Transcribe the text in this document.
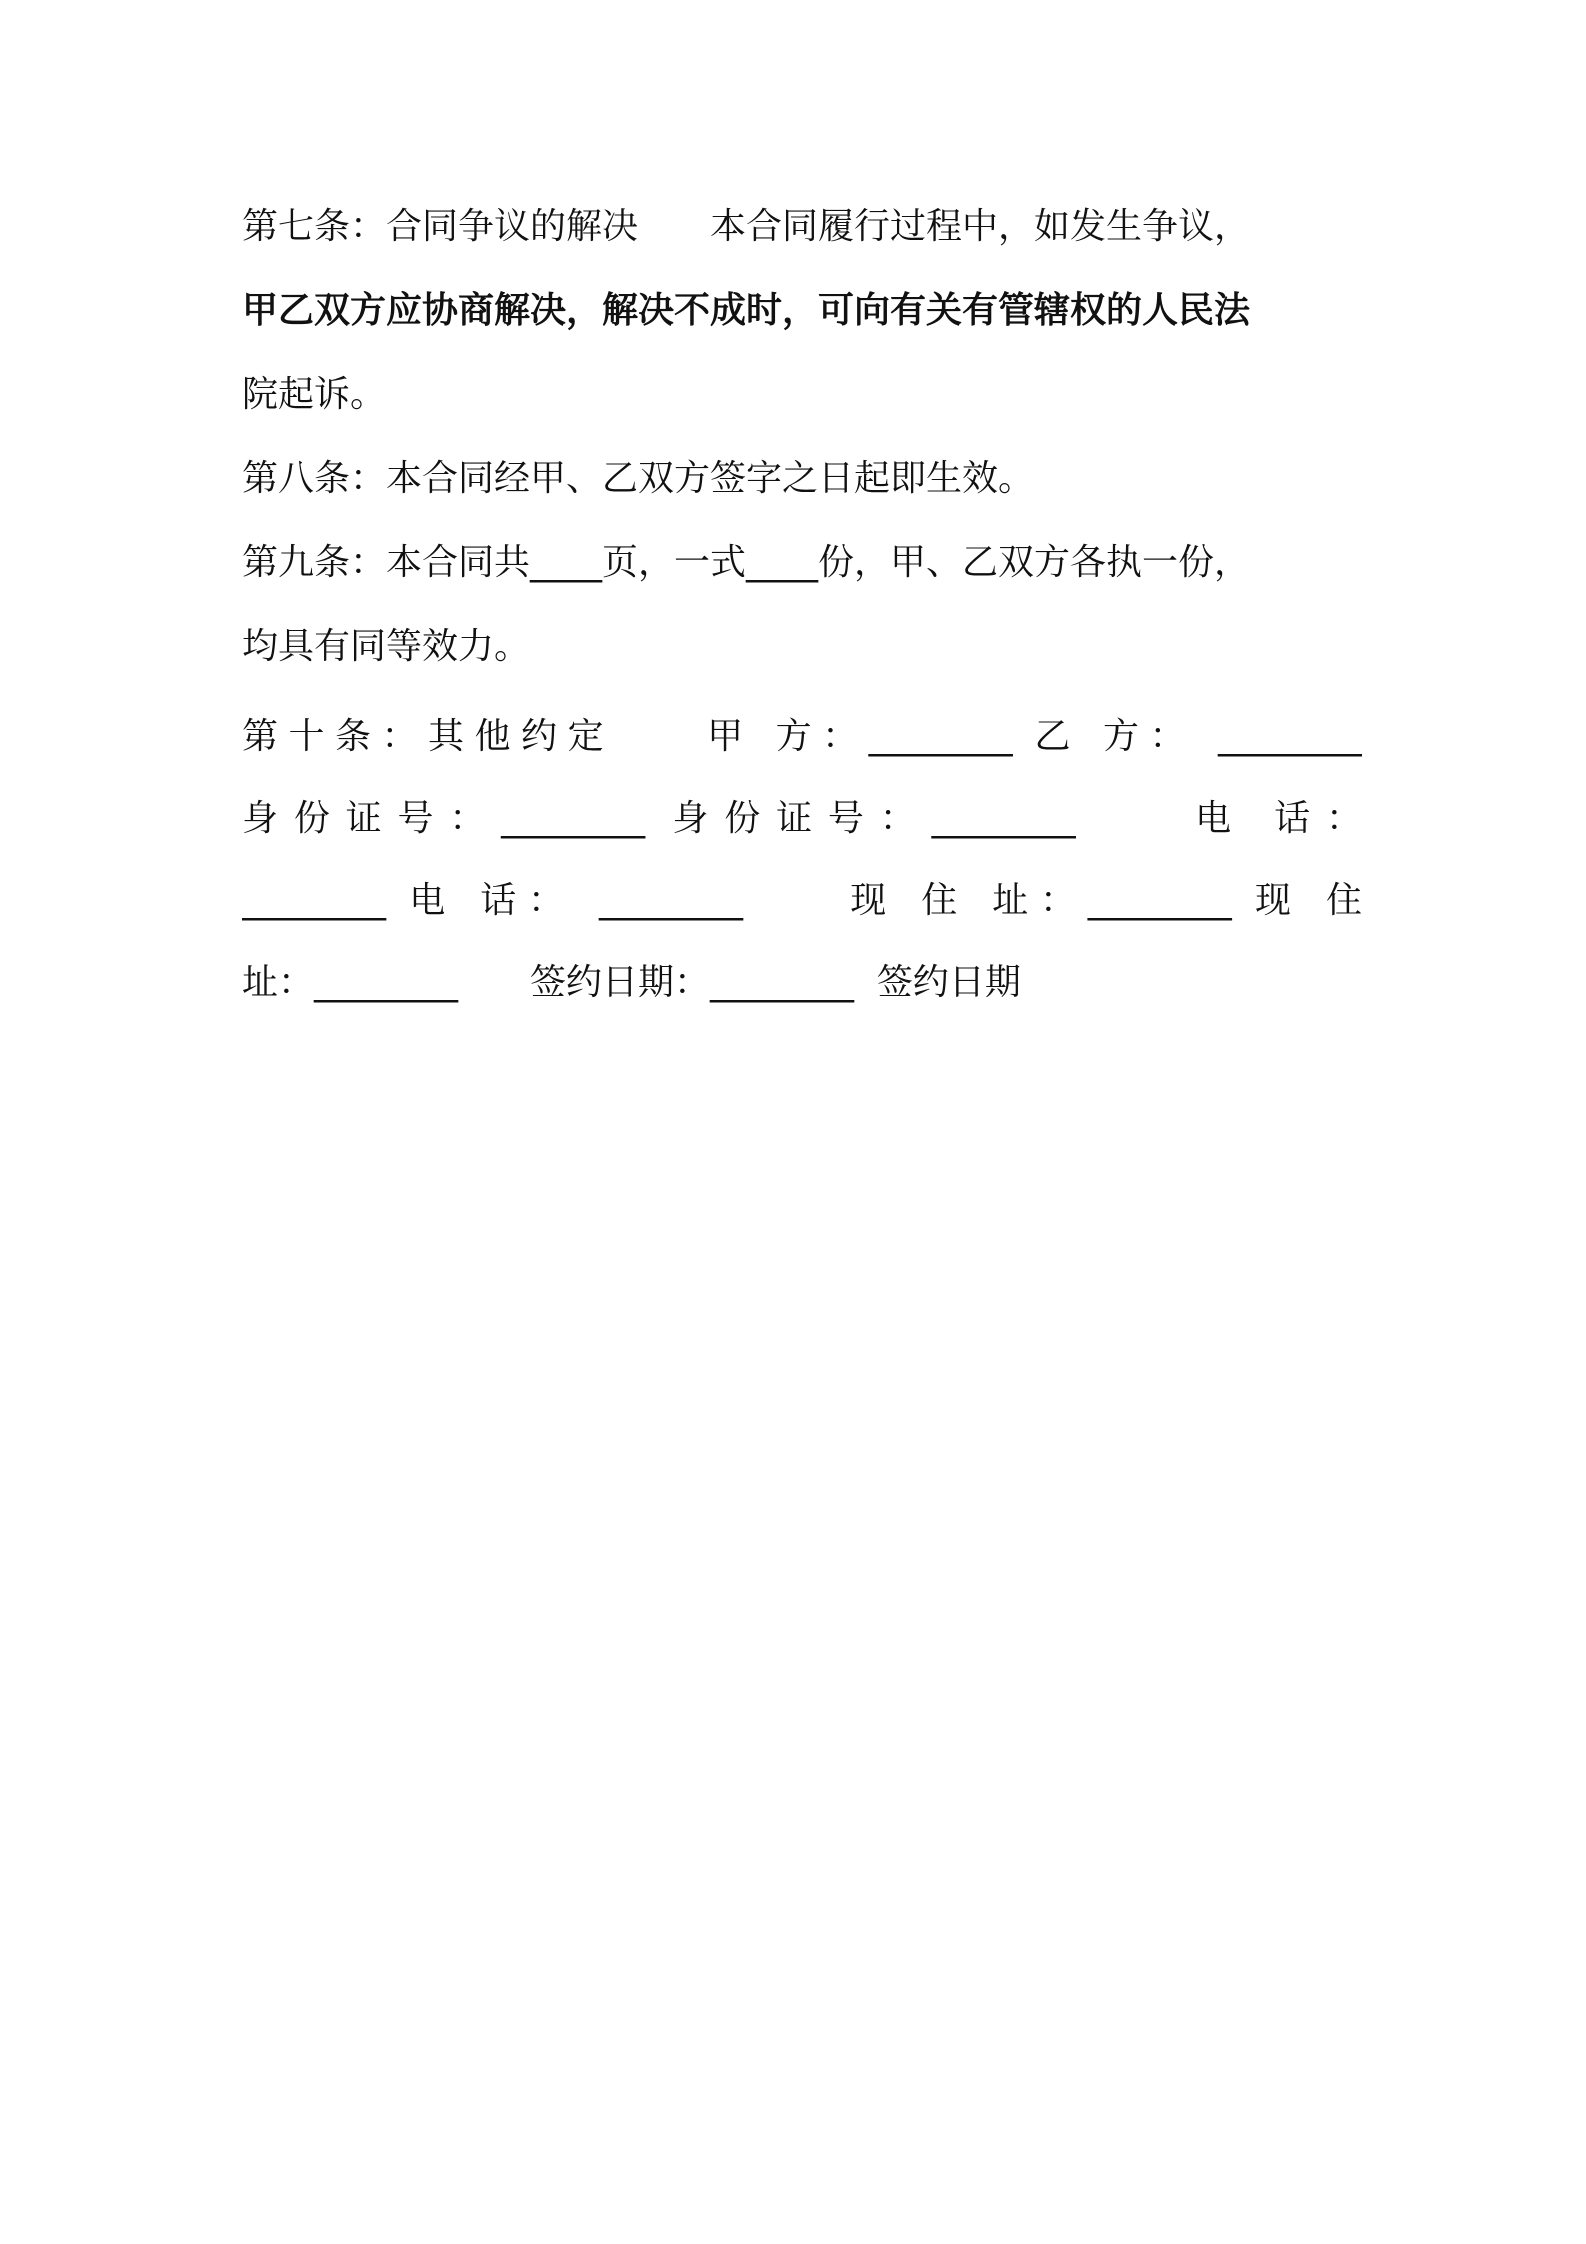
第七条：合同争议的解决　　本合同履行过程中，如发生争议，
甲乙双方应协商解决，解决不成时，可向有关有管辖权的人民法
院起诉。
第八条：本合同经甲、乙双方签字之日起即生效。
第九条：本合同共____页，一式____份，甲、乙双方各执一份，
均具有同等效力。
第十条：其他约定　　甲 方：________ 乙 方： ________
身份证号：________ 身份证号：________　　电 话：
________ 电 话： ________　　现 住 址：________ 现 住
址：________　　签约日期：________  签约日期
